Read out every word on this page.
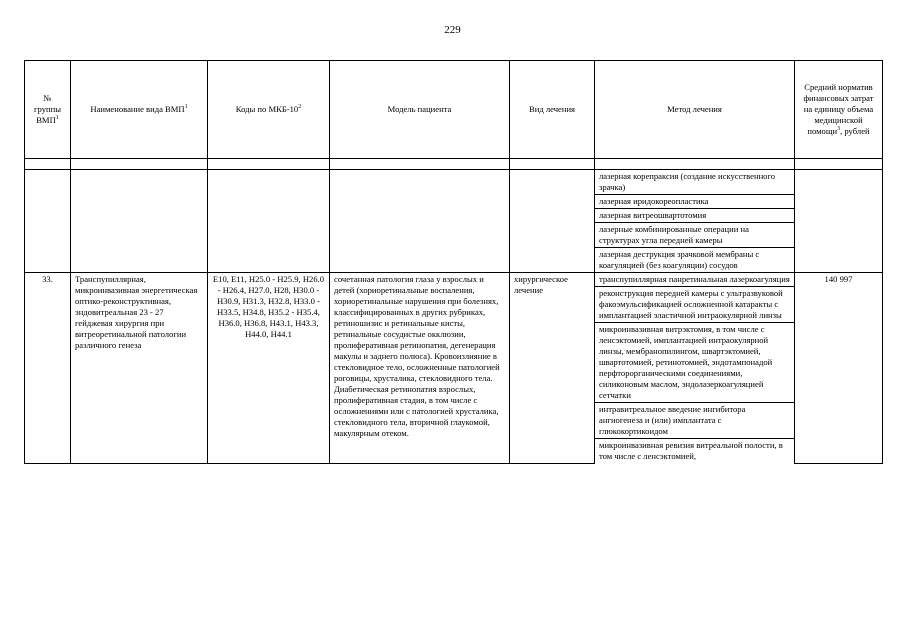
229
№ группы ВМП$^1$	Наименование вида ВМП$^1$	Коды по МКБ-$10^2$	Модель пациента	Вид лечения	Метод лечения	Средний норматив финансовых затрат на единицу объема медицинской помощи$^3$, рублей

					лазерная корепраксия (создание искусственного зрачка)	
					лазерная иридокореопластика	
					лазерная витреошвартотомия	
					лазерные комбинированные операции на структурах угла передней камеры	
					лазерная деструкция зрачковой мембраны с коагуляцией (без коагуляции) сосудов	
33.	Транспупиллярная, микроинвазивная энергетическая оптико-реконструктивная, эндовитреальная 23 - 27 гейджевая хирургия при витреоретинальной патологии различного генеза	E10, E11, H25.0 - H25.9, H26.0 - H26.4, H27.0, H28, H30.0 - H30.9, H31.3, H32.8, H33.0 - H33.5, H34.8, H35.2 - H35.4, H36.0, H36.8, H43.1, H43.3, H44.0, H44.1	сочетанная патология глаза у взрослых и детей (хориоретинальные воспаления, хориоретинальные нарушения при болезнях, классифицированных в других рубриках, ретиношизис и ретинальные кисты, ретинальные сосудистые окклюзии, пролиферативная ретинопатия, дегенерация макулы и заднего полюса). Кровоизлияние в стекловидное тело, осложненные патологией роговицы, хрусталика, стекловидного тела. Диабетическая ретинопатия взрослых, пролиферативная стадия, в том числе с осложнениями или с патологией хрусталика, стекловидного тела, вторичной глаукомой, макулярным отеком.	хирургическое лечение	транспупиллярная панретинальная лазеркоагуляция	140 997
					реконструкция передней камеры с ультразвуковой факоэмульсификацией осложненной катаракты с имплантацией эластичной интраокулярной линзы	
					микроинвазивная витрэктомия, в том числе с ленсэктомией, имплантацией интраокулярной линзы, мембранопилингом, швартэктомией, швартотомией, ретинотомией, эндотампонадой перфторорганическими соединениями, силиконовым маслом, эндолазеркоагуляцией сетчатки	
					интравитреальное введение ингибитора ангиогенеза и (или) имплантата с глюкокортикоидом	
					микроинвазивная ревизия витреальной полости, в том числе с ленсэктомией,	
